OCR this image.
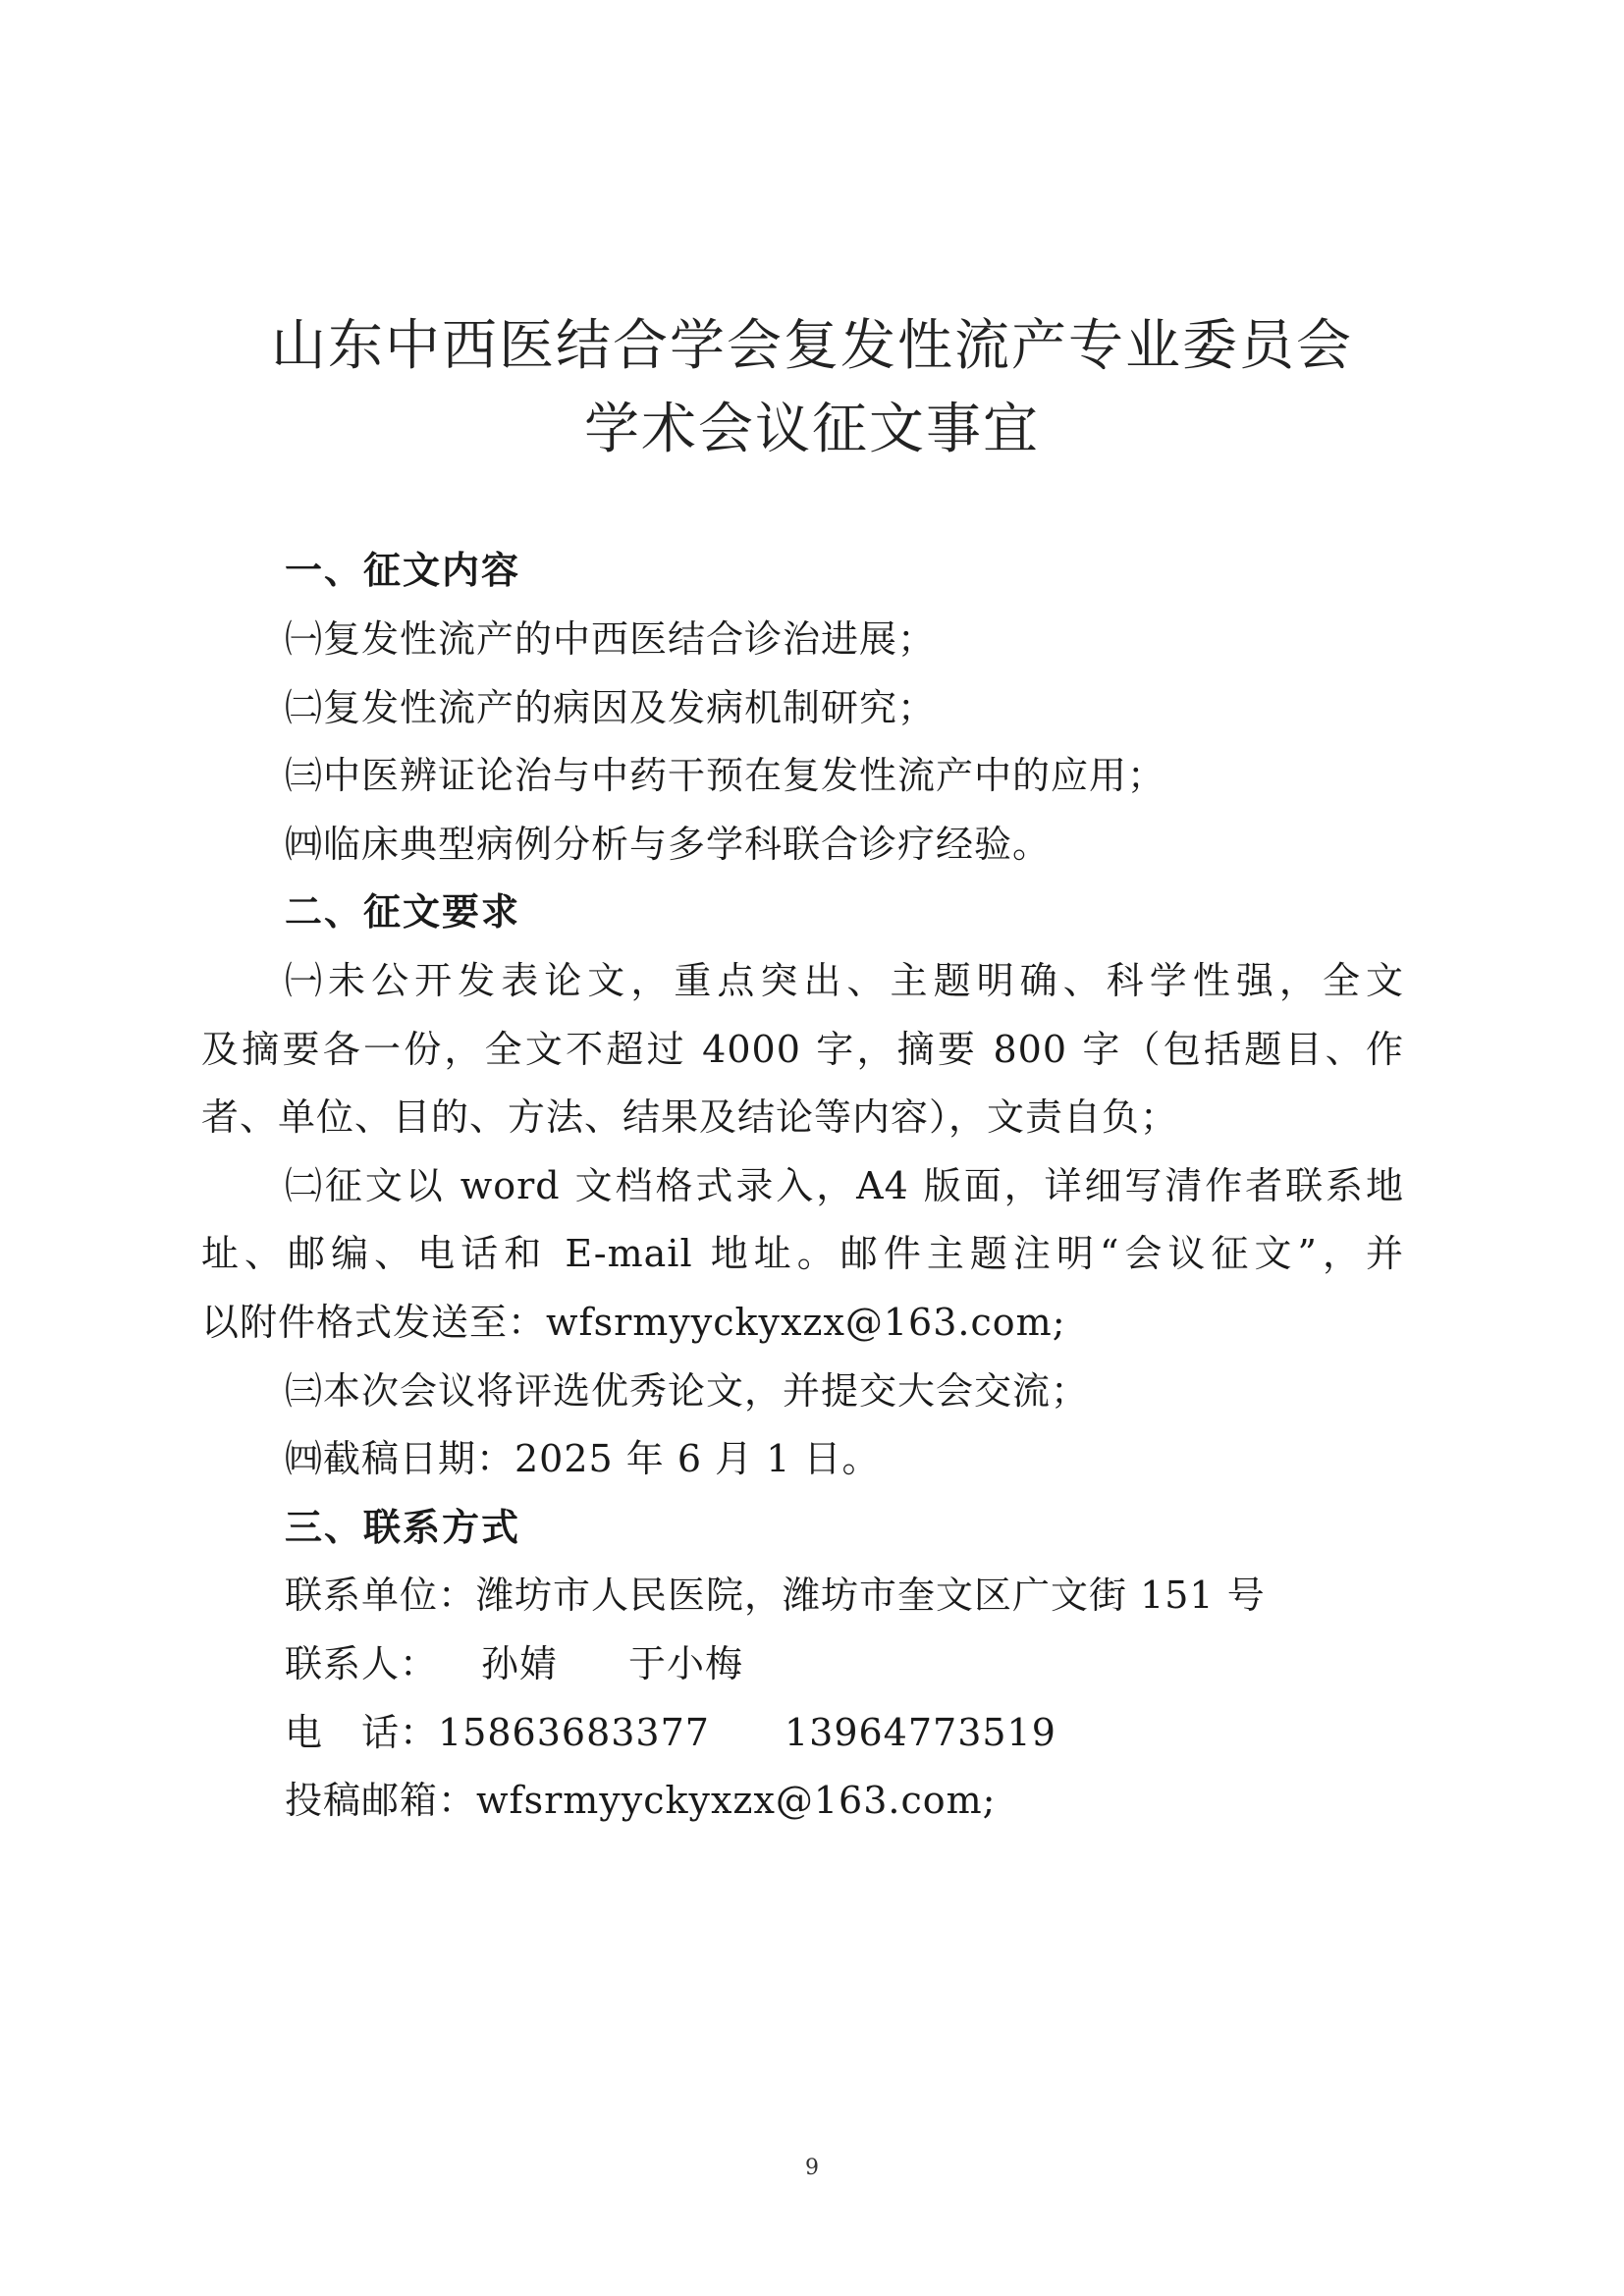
山东中西医结合学会复发性流产专业委员会
学术会议征文事宜
一、征文内容
㈠复发性流产的中西医结合诊治进展；
㈡复发性流产的病因及发病机制研究；
㈢中医辨证论治与中药干预在复发性流产中的应用；
㈣临床典型病例分析与多学科联合诊疗经验。
二、征文要求
㈠未公开发表论文，重点突出、主题明确、科学性强，全文
及摘要各一份，全文不超过 4000 字，摘要 800 字（包括题目、作
者、单位、目的、方法、结果及结论等内容），文责自负；
㈡征文以 word 文档格式录入，A4 版面，详细写清作者联系地
址、邮编、电话和 E-mail 地址。邮件主题注明“会议征文”，并
以附件格式发送至：wfsrmyyckyxzx@163.com;
㈢本次会议将评选优秀论文，并提交大会交流；
㈣截稿日期：2025 年 6 月 1 日。
三、联系方式
联系单位：潍坊市人民医院，潍坊市奎文区广文街 151 号
联系人： 孙婧 于小梅
电　话：15863683377 13964773519
投稿邮箱：wfsrmyyckyxzx@163.com;
9
